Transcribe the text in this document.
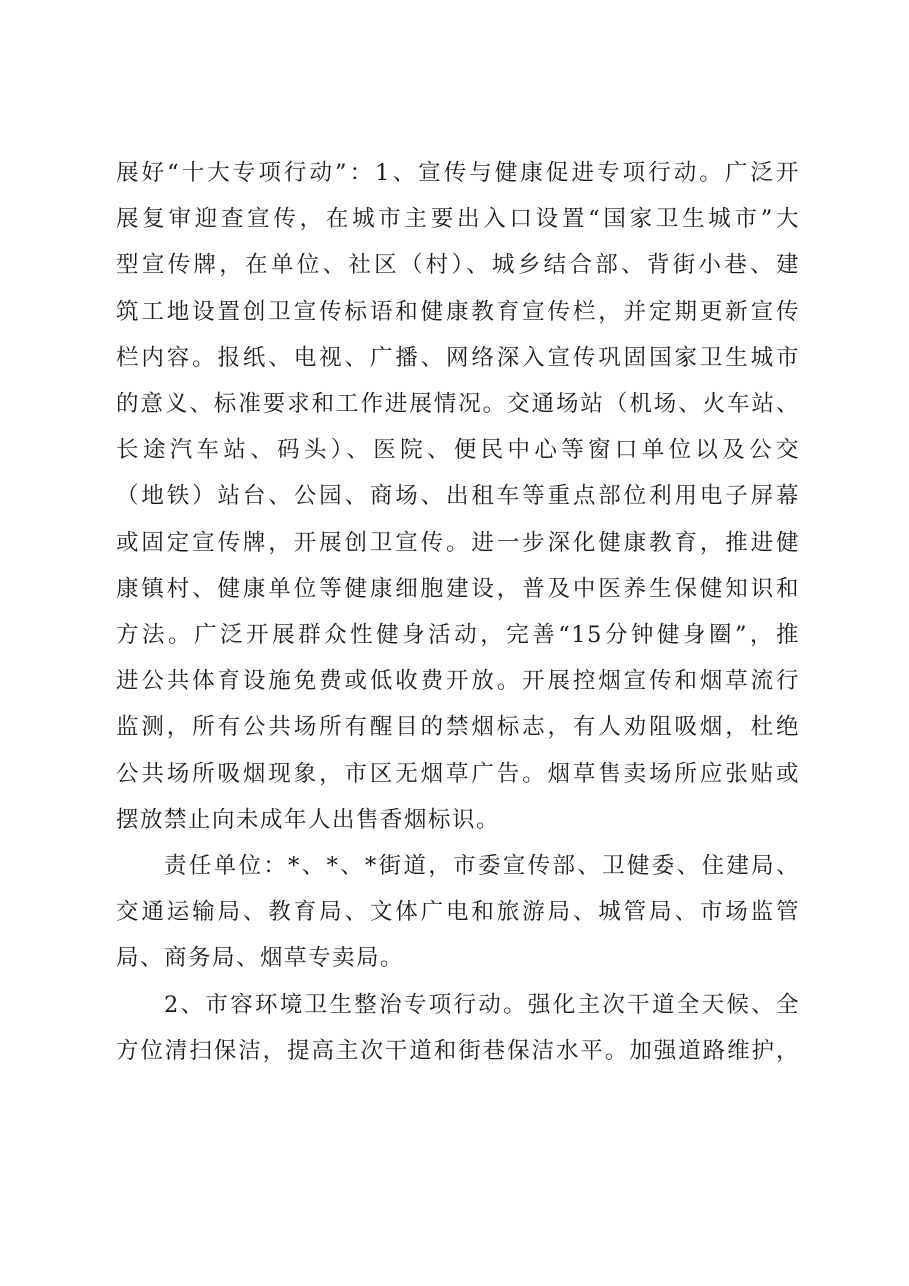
展好“十大专项行动”：1、宣传与健康促进专项行动。广泛开
展复审迎查宣传，在城市主要出入口设置“国家卫生城市”大
型宣传牌，在单位、社区（村）、城乡结合部、背街小巷、建
筑工地设置创卫宣传标语和健康教育宣传栏，并定期更新宣传
栏内容。报纸、电视、广播、网络深入宣传巩固国家卫生城市
的意义、标准要求和工作进展情况。交通场站（机场、火车站、
长途汽车站、码头）、医院、便民中心等窗口单位以及公交
（地铁）站台、公园、商场、出租车等重点部位利用电子屏幕
或固定宣传牌，开展创卫宣传。进一步深化健康教育，推进健
康镇村、健康单位等健康细胞建设，普及中医养生保健知识和
方法。广泛开展群众性健身活动，完善“15分钟健身圈”，推
进公共体育设施免费或低收费开放。开展控烟宣传和烟草流行
监测，所有公共场所有醒目的禁烟标志，有人劝阻吸烟，杜绝
公共场所吸烟现象，市区无烟草广告。烟草售卖场所应张贴或
摆放禁止向未成年人出售香烟标识。

责任单位：*、*、*街道，市委宣传部、卫健委、住建局、
交通运输局、教育局、文体广电和旅游局、城管局、市场监管
局、商务局、烟草专卖局。

2、市容环境卫生整治专项行动。强化主次干道全天候、全
方位清扫保洁，提高主次干道和街巷保洁水平。加强道路维护，
